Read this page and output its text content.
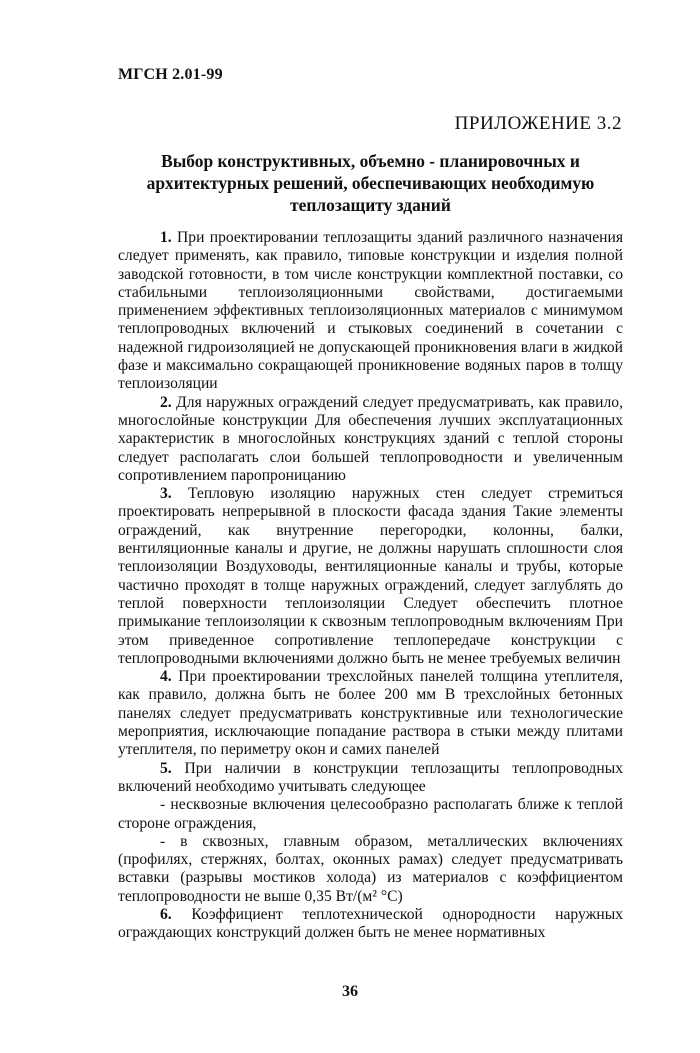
МГСН 2.01-99
ПРИЛОЖЕНИЕ 3.2
Выбор конструктивных, объемно - планировочных и архитектурных решений, обеспечивающих необходимую теплозащиту зданий

1. При проектировании теплозащиты зданий различного назначения следует применять, как правило, типовые конструкции и изделия полной заводской готовности, в том числе конструкции комплектной поставки, со стабильными теплоизоляционными свойствами, достигаемыми применением эффективных теплоизоляционных материалов с минимумом теплопроводных включений и стыковых соединений в сочетании с надежной гидроизоляцией не допускающей проникновения влаги в жидкой фазе и максимально сокращающей проникновение водяных паров в толщу теплоизоляции

2. Для наружных ограждений следует предусматривать, как правило, многослойные конструкции Для обеспечения лучших эксплуатационных характеристик в многослойных конструкциях зданий с теплой стороны следует располагать слои большей теплопроводности и увеличенным сопротивлением паропроницанию

3. Тепловую изоляцию наружных стен следует стремиться проектировать непрерывной в плоскости фасада здания Такие элементы ограждений, как внутренние перегородки, колонны, балки, вентиляционные каналы и другие, не должны нарушать сплошности слоя теплоизоляции Воздуховоды, вентиляционные каналы и трубы, которые частично проходят в толще наружных ограждений, следует заглублять до теплой поверхности теплоизоляции Следует обеспечить плотное примыкание теплоизоляции к сквозным теплопроводным включениям При этом приведенное сопротивление теплопередаче конструкции с теплопроводными включениями должно быть не менее требуемых величин

4. При проектировании трехслойных панелей толщина утеплителя, как правило, должна быть не более 200 мм В трехслойных бетонных панелях следует предусматривать конструктивные или технологические мероприятия, исключающие попадание раствора в стыки между плитами утеплителя, по периметру окон и самих панелей

5. При наличии в конструкции теплозащиты теплопроводных включений необходимо учитывать следующее

- несквозные включения целесообразно располагать ближе к теплой стороне ограждения,

- в сквозных, главным образом, металлических включениях (профилях, стержнях, болтах, оконных рамах) следует предусматривать вставки (разрывы мостиков холода) из материалов с коэффициентом теплопроводности не выше 0,35 Вт/(м² °С)

6. Коэффициент теплотехнической однородности наружных ограждающих конструкций должен быть не менее нормативных

36
